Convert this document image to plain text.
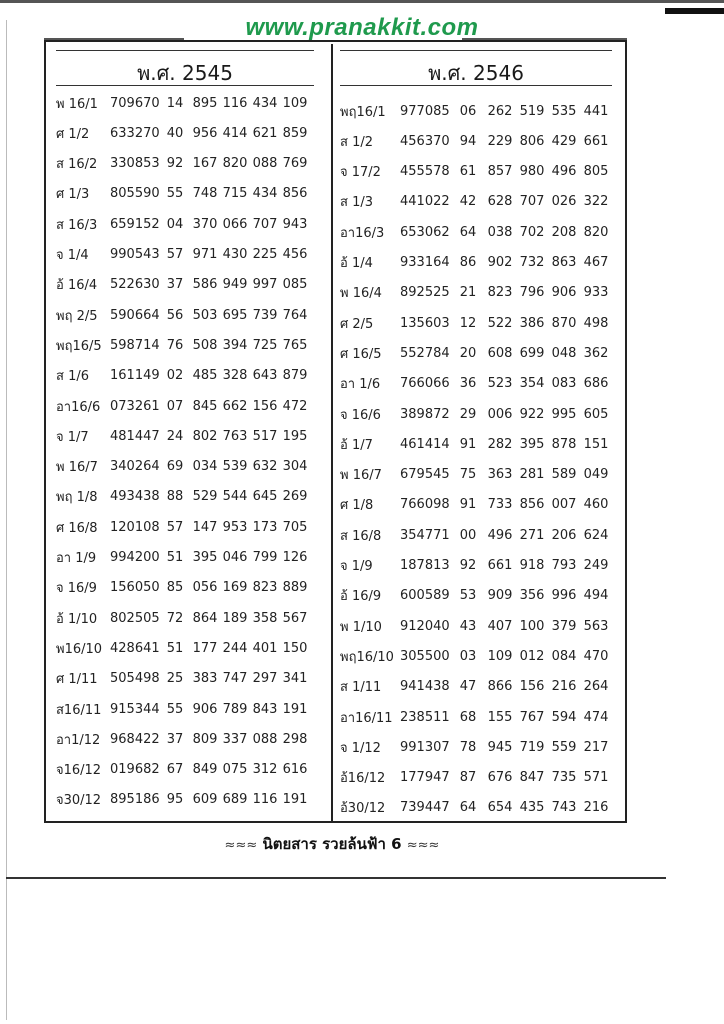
www.pranakkit.com
พ.ศ. 2545
พ 16/1 709670 14 895 116 434 109
ศ 1/2	633270 40 956 414 621 859
ส 16/2 330853 92 167 820 088 769
ศ 1/3	805590 55 748 715 434 856
ส 16/3 659152 04 370 066 707 943
จ 1/4	990543 57 971 430 225 456
อ้ 16/4 522630 37 586 949 997 085
พฤ 2/5 590664 56 503 695 739 764
พฤ16/5 598714 76 508 394 725 765
ส 1/6	161149 02 485 328 643 879
อา16/6 073261 07 845 662 156 472
จ 1/7	481447 24 802 763 517 195
พ 16/7 340264 69 034 539 632 304
พฤ 1/8 493438 88 529 544 645 269
ศ 16/8 120108 57 147 953 173 705
อา 1/9	994200 51 395 046 799 126
จ 16/9	156050 85 056 169 823 889
อ้ 1/10 802505 72 864 189 358 567
พ16/10 428641 51 177 244 401 150
ศ 1/11 505498 25 383 747 297 341
ส16/11 915344 55 906 789 843 191
อา1/12 968422 37 809 337 088 298
จ16/12 019682 67 849 075 312 616
จ30/12 895186 95 609 689 116 191
พ.ศ. 2546
พฤ16/1	977085 06 262 519 535 441
ส 1/2	456370 94 229 806 429 661
จ 17/2	455578 61 857 980 496 805
ส 1/3	441022 42 628 707 026 322
อา16/3	653062 64 038 702 208 820
อ้ 1/4	933164 86 902 732 863 467
พ 16/4	892525 21 823 796 906 933
ศ 2/5	135603 12 522 386 870 498
ศ 16/5	552784 20 608 699 048 362
อา 1/6	766066 36 523 354 083 686
จ 16/6	389872 29 006 922 995 605
อ้ 1/7	461414 91 282 395 878 151
พ 16/7	679545 75 363 281 589 049
ศ 1/8	766098 91 733 856 007 460
ส 16/8	354771 00 496 271 206 624
จ 1/9	187813 92 661 918 793 249
อ้ 16/9	600589 53 909 356 996 494
พ 1/10	912040 43 407 100 379 563
พฤ16/10 305500 03 109 012 084 470
ส 1/11	941438 47 866 156 216 264
อา16/11 238511 68 155 767 594 474
จ 1/12	991307 78 945 719 559 217
อ้16/12	177947 87 676 847 735 571
อ้30/12	739447 64 654 435 743 216
≈≈≈ นิตยสาร รวยล้นฟ้า 6 ≈≈≈
